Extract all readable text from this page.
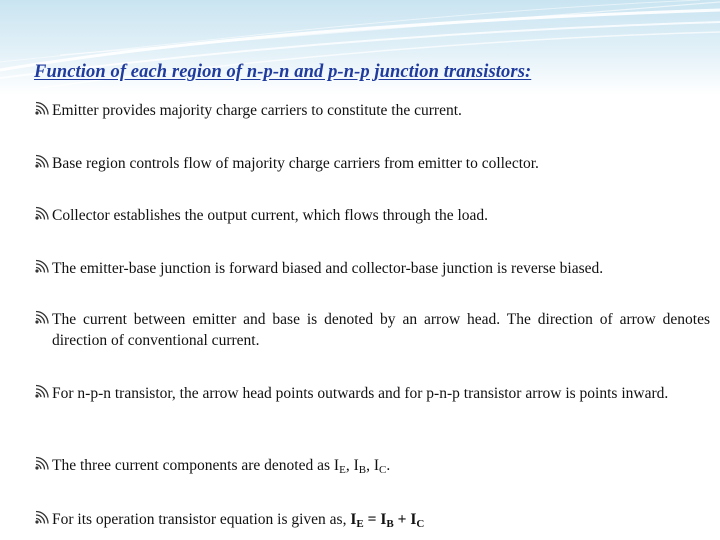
Function of each region of n-p-n and p-n-p junction transistors:
Emitter provides majority charge carriers to constitute the current.
Base region controls flow of majority charge carriers from emitter to collector.
Collector establishes the output current, which flows through the load.
The emitter-base junction is forward biased and collector-base junction is reverse biased.
The current between emitter and base is denoted by an arrow head. The direction of arrow denotes direction of conventional current.
For n-p-n transistor, the arrow head points outwards and for p-n-p transistor arrow is points inward.
The three current components are denoted as $I_E$, $I_B$, $I_C$.
For its operation transistor equation is given as, $I_E = I_B + I_C$
